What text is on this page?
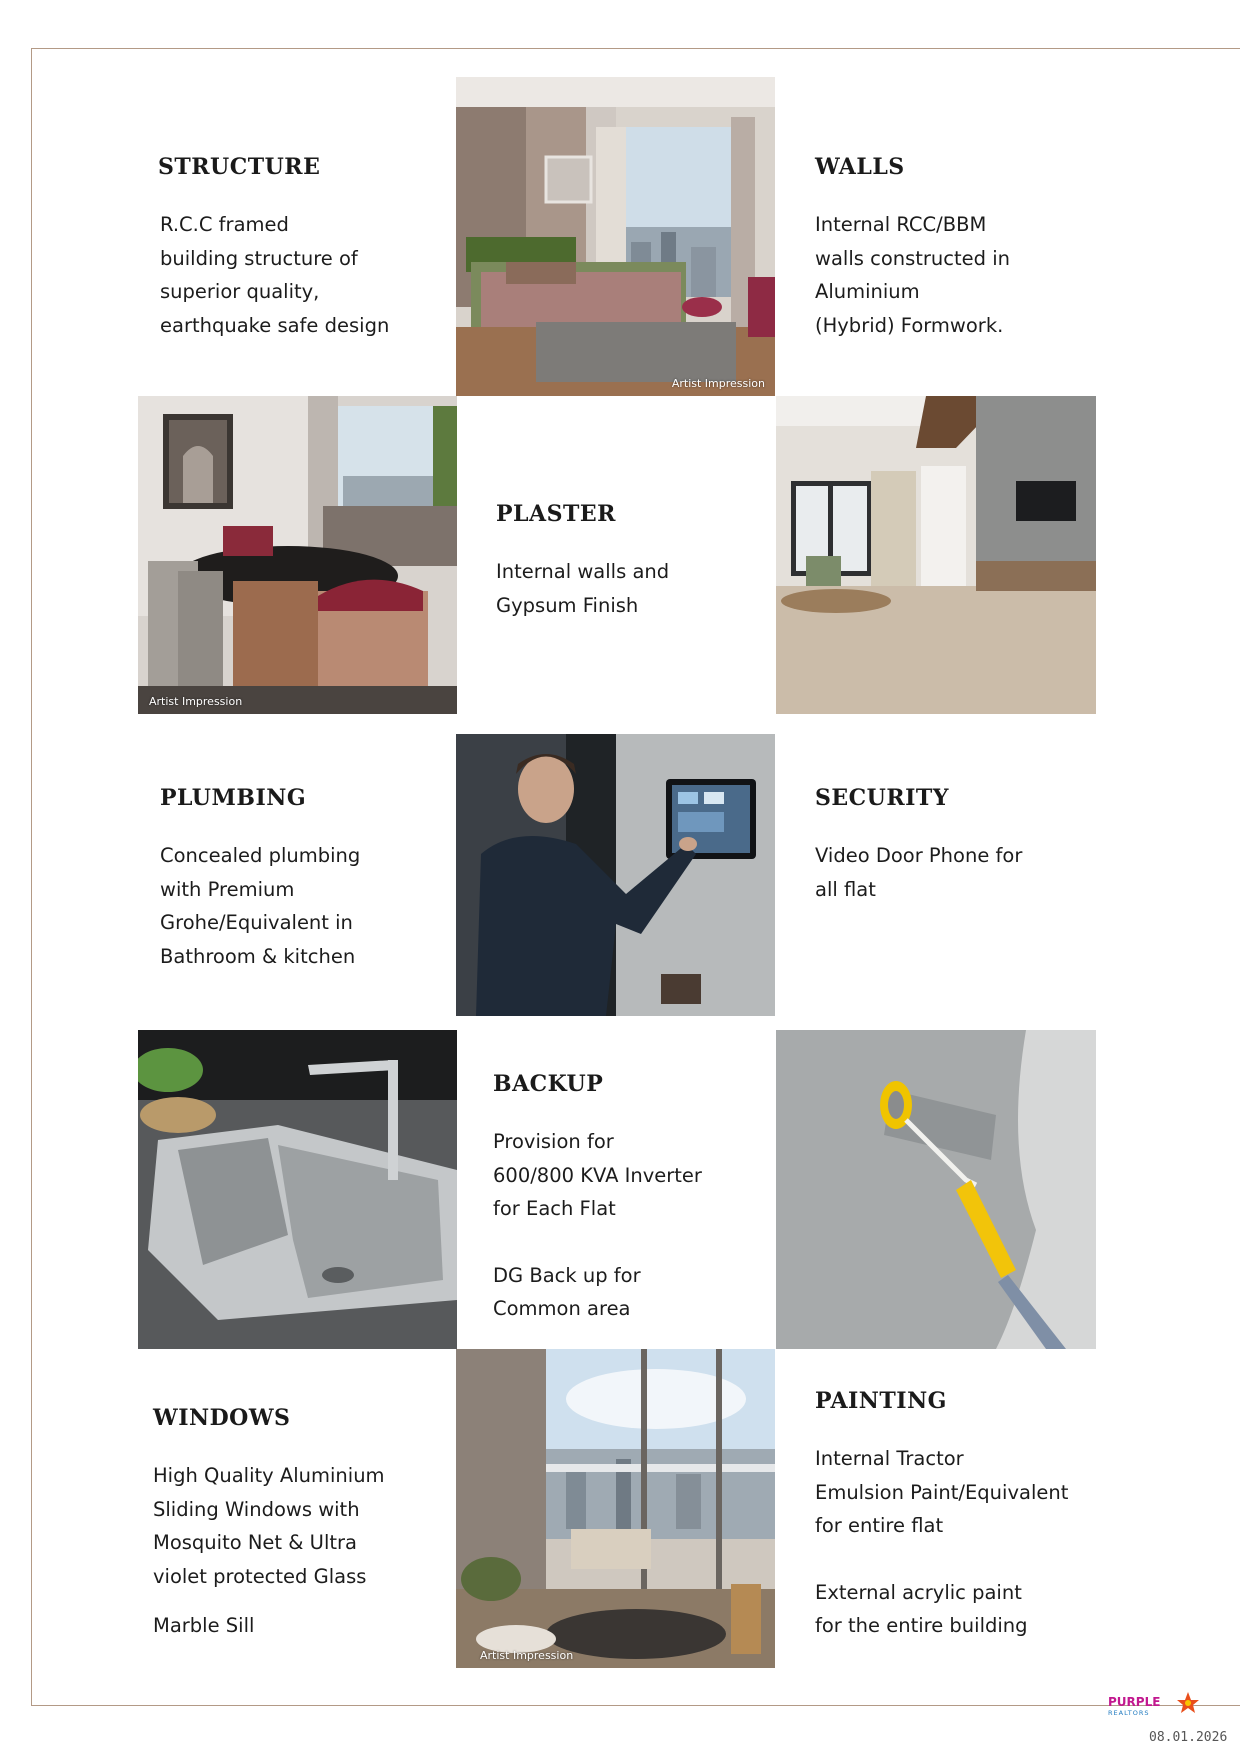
STRUCTURE

R.C.C framed
building structure of
superior quality,
earthquake safe design

Artist Impression
WALLS

Internal RCC/BBM
walls constructed in
Aluminium
(Hybrid) Formwork.

Artist Impression
PLASTER

Internal walls and
Gypsum Finish

PLUMBING

Concealed plumbing
with Premium
Grohe/Equivalent in
Bathroom & kitchen

SECURITY

Video Door Phone for
all flat

BACKUP

Provision for
600/800 KVA Inverter
for Each Flat

DG Back up for
Common area

WINDOWS

High Quality Aluminium
Sliding Windows with
Mosquito Net & Ultra
violet protected Glass

Marble Sill

Artist Impression
PAINTING

Internal Tractor
Emulsion Paint/Equivalent
for entire flat

External acrylic paint
for the entire building

PURPLE
REALTORS
08.01.2026
